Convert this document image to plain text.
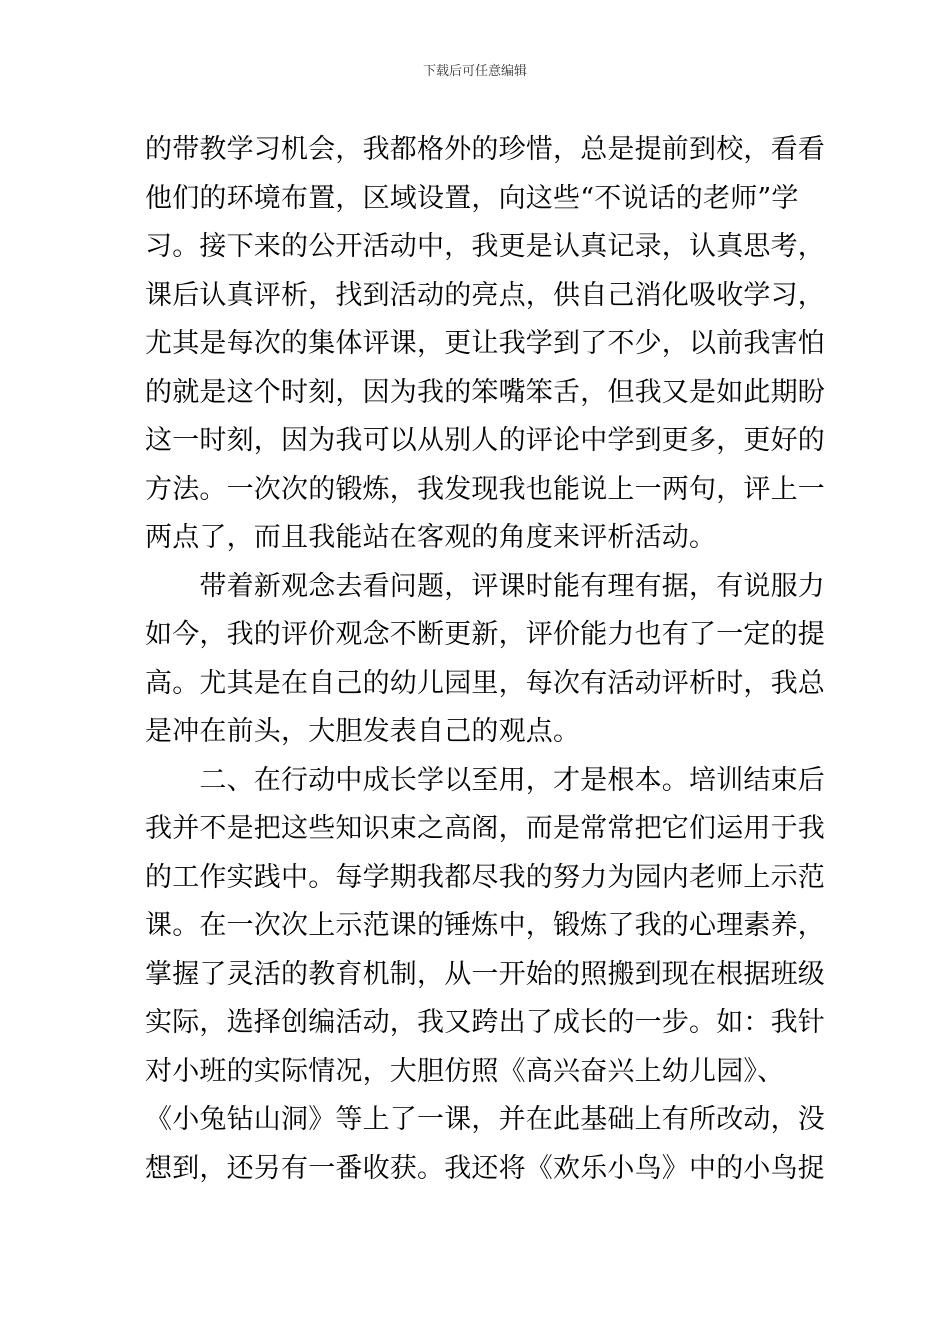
下载后可任意编辑
的带教学习机会，我都格外的珍惜，总是提前到校，看看
他们的环境布置，区域设置，向这些“不说话的老师”学
习。接下来的公开活动中，我更是认真记录，认真思考，
课后认真评析，找到活动的亮点，供自己消化吸收学习，
尤其是每次的集体评课，更让我学到了不少，以前我害怕
的就是这个时刻，因为我的笨嘴笨舌，但我又是如此期盼
这一时刻，因为我可以从别人的评论中学到更多，更好的
方法。一次次的锻炼，我发现我也能说上一两句，评上一
两点了，而且我能站在客观的角度来评析活动。
　　带着新观念去看问题，评课时能有理有据，有说服力
如今，我的评价观念不断更新，评价能力也有了一定的提
高。尤其是在自己的幼儿园里，每次有活动评析时，我总
是冲在前头，大胆发表自己的观点。
　　二、在行动中成长学以至用，才是根本。培训结束后
我并不是把这些知识束之高阁，而是常常把它们运用于我
的工作实践中。每学期我都尽我的努力为园内老师上示范
课。在一次次上示范课的锤炼中，锻炼了我的心理素养，
掌握了灵活的教育机制，从一开始的照搬到现在根据班级
实际，选择创编活动，我又跨出了成长的一步。如：我针
对小班的实际情况，大胆仿照《高兴奋兴上幼儿园》、
《小兔钻山洞》等上了一课，并在此基础上有所改动，没
想到，还另有一番收获。我还将《欢乐小鸟》中的小鸟捉
